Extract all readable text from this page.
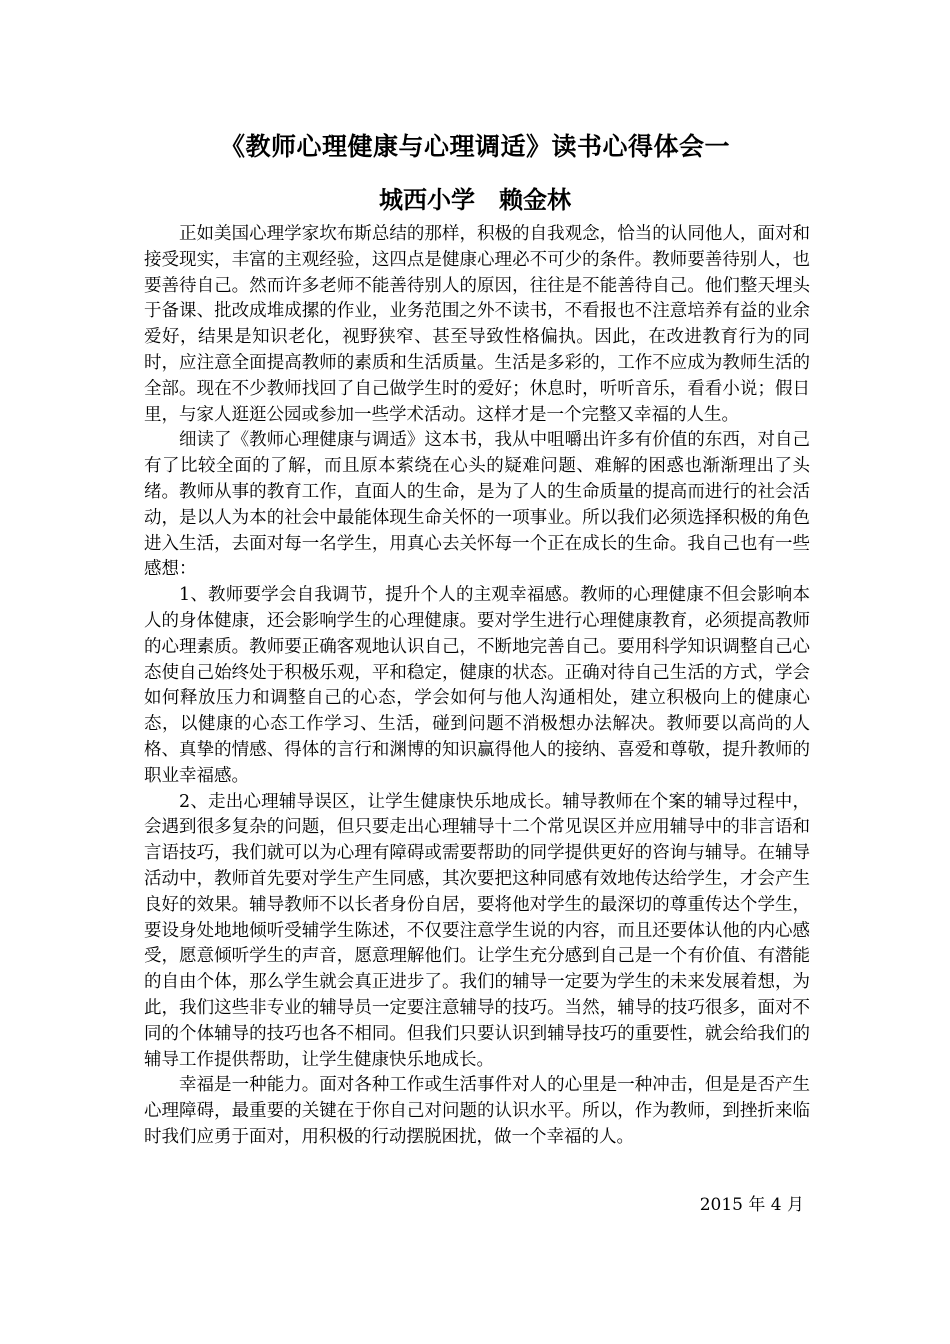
《教师心理健康与心理调适》读书心得体会一
城西小学　赖金林

正如美国心理学家坎布斯总结的那样，积极的自我观念，恰当的认同他人，面对和接受现实，丰富的主观经验，这四点是健康心理必不可少的条件。教师要善待别人，也要善待自己。然而许多老师不能善待别人的原因，往往是不能善待自己。他们整天埋头于备课、批改成堆成摞的作业，业务范围之外不读书，不看报也不注意培养有益的业余爱好，结果是知识老化，视野狭窄、甚至导致性格偏执。因此，在改进教育行为的同时，应注意全面提高教师的素质和生活质量。生活是多彩的，工作不应成为教师生活的全部。现在不少教师找回了自己做学生时的爱好；休息时，听听音乐，看看小说；假日里，与家人逛逛公园或参加一些学术活动。这样才是一个完整又幸福的人生。

细读了《教师心理健康与调适》这本书，我从中咀嚼出许多有价值的东西，对自己有了比较全面的了解，而且原本萦绕在心头的疑难问题、难解的困惑也渐渐理出了头绪。教师从事的教育工作，直面人的生命，是为了人的生命质量的提高而进行的社会活动，是以人为本的社会中最能体现生命关怀的一项事业。所以我们必须选择积极的角色进入生活，去面对每一名学生，用真心去关怀每一个正在成长的生命。我自己也有一些感想：

1、教师要学会自我调节，提升个人的主观幸福感。教师的心理健康不但会影响本人的身体健康，还会影响学生的心理健康。要对学生进行心理健康教育，必须提高教师的心理素质。教师要正确客观地认识自己，不断地完善自己。要用科学知识调整自己心态使自己始终处于积极乐观，平和稳定，健康的状态。正确对待自己生活的方式，学会如何释放压力和调整自己的心态，学会如何与他人沟通相处，建立积极向上的健康心态，以健康的心态工作学习、生活，碰到问题不消极想办法解决。教师要以高尚的人格、真挚的情感、得体的言行和渊博的知识赢得他人的接纳、喜爱和尊敬，提升教师的职业幸福感。

2、走出心理辅导误区，让学生健康快乐地成长。辅导教师在个案的辅导过程中，会遇到很多复杂的问题，但只要走出心理辅导十二个常见误区并应用辅导中的非言语和言语技巧，我们就可以为心理有障碍或需要帮助的同学提供更好的咨询与辅导。在辅导活动中，教师首先要对学生产生同感，其次要把这种同感有效地传达给学生，才会产生良好的效果。辅导教师不以长者身份自居，要将他对学生的最深切的尊重传达个学生，要设身处地地倾听受辅学生陈述，不仅要注意学生说的内容，而且还要体认他的内心感受，愿意倾听学生的声音，愿意理解他们。让学生充分感到自己是一个有价值、有潜能的自由个体，那么学生就会真正进步了。我们的辅导一定要为学生的未来发展着想，为此，我们这些非专业的辅导员一定要注意辅导的技巧。当然，辅导的技巧很多，面对不同的个体辅导的技巧也各不相同。但我们只要认识到辅导技巧的重要性，就会给我们的辅导工作提供帮助，让学生健康快乐地成长。

幸福是一种能力。面对各种工作或生活事件对人的心里是一种冲击，但是是否产生心理障碍，最重要的关键在于你自己对问题的认识水平。所以，作为教师，到挫折来临时我们应勇于面对，用积极的行动摆脱困扰，做一个幸福的人。

2015 年 4 月
